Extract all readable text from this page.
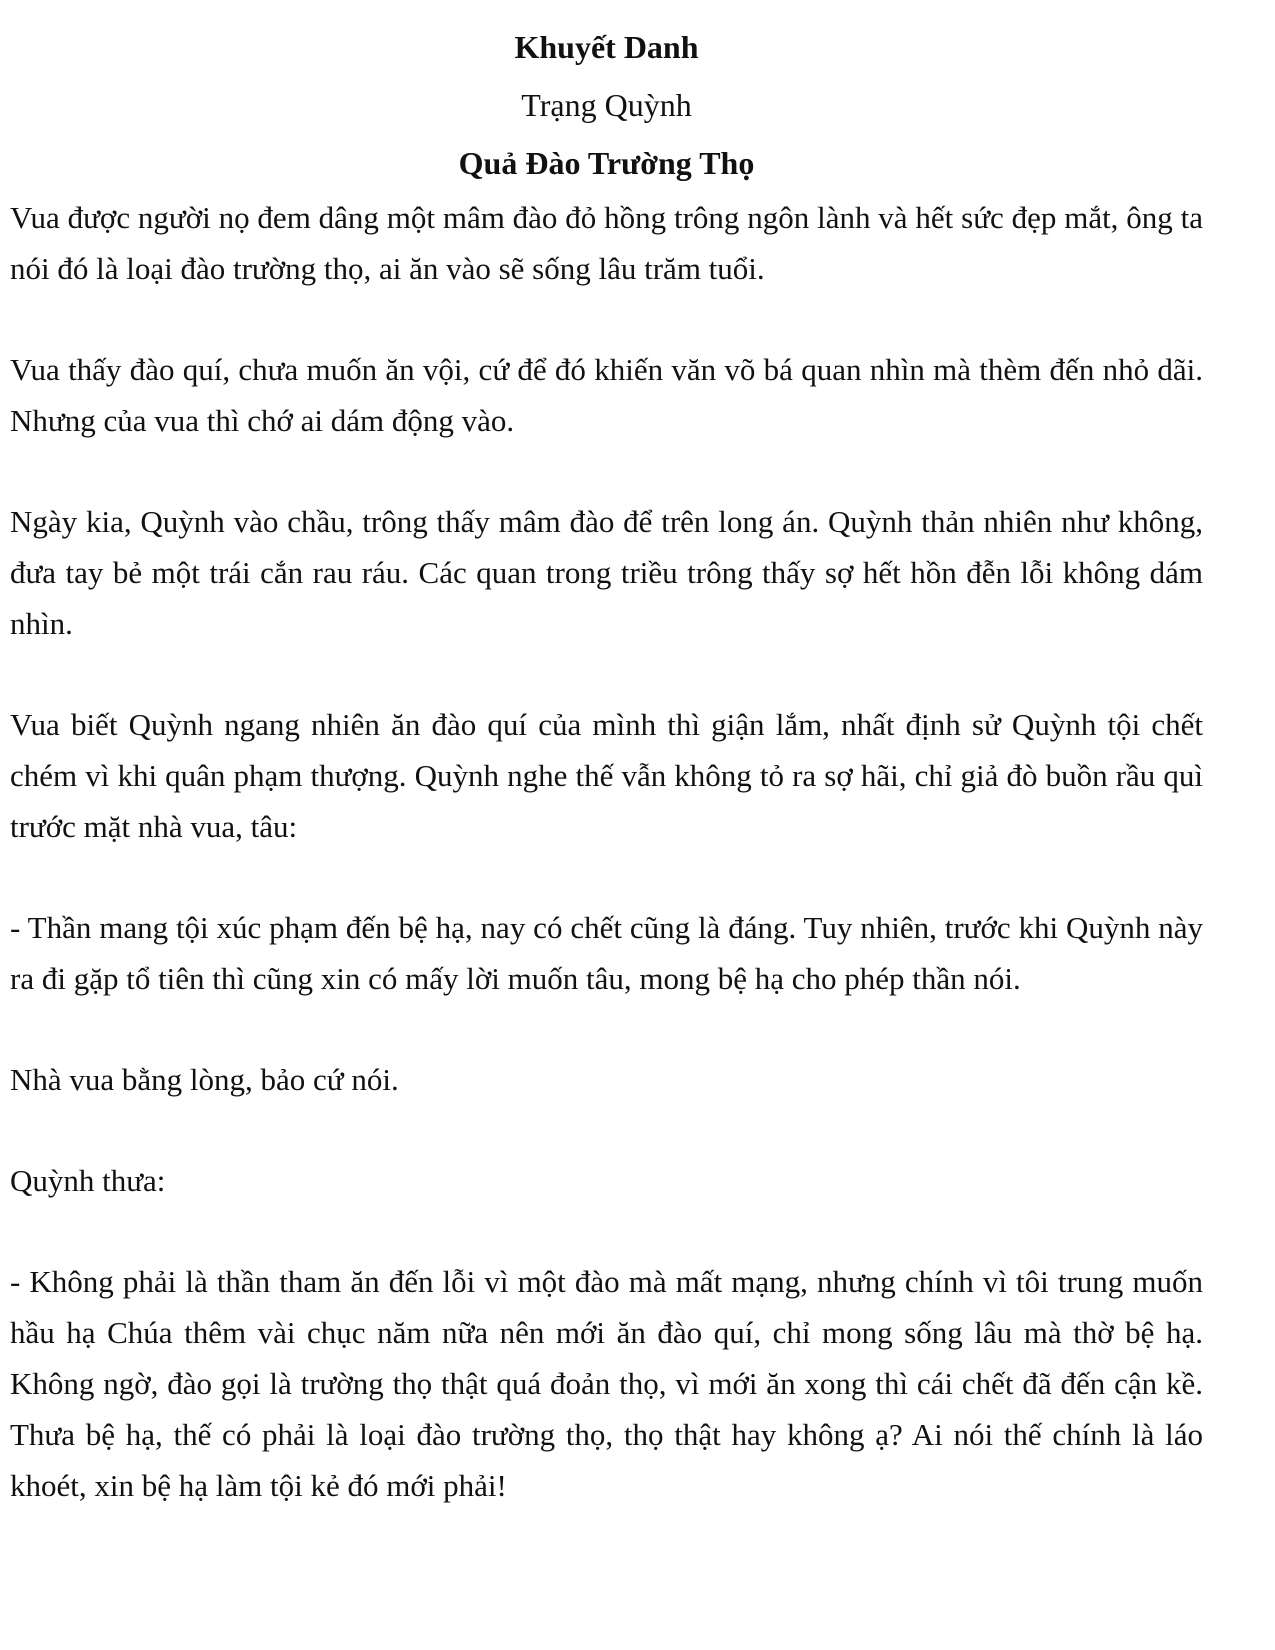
Khuyết Danh

Trạng Quỳnh

Quả Đào Trường Thọ

Vua được người nọ đem dâng một mâm đào đỏ hồng trông ngôn lành và hết sức đẹp mắt, ông ta nói đó là loại đào trường thọ, ai ăn vào sẽ sống lâu trăm tuổi.

Vua thấy đào quí, chưa muốn ăn vội, cứ để đó khiến văn võ bá quan nhìn mà thèm đến nhỏ dãi. Nhưng của vua thì chớ ai dám động vào.

Ngày kia, Quỳnh vào chầu, trông thấy mâm đào để trên long án. Quỳnh thản nhiên như không, đưa tay bẻ một trái cắn rau ráu. Các quan trong triều trông thấy sợ hết hồn đễn lỗi không dám nhìn.

Vua biết Quỳnh ngang nhiên ăn đào quí của mình thì giận lắm, nhất định sử Quỳnh tội chết chém vì khi quân phạm thượng. Quỳnh nghe thế vẫn không tỏ ra sợ hãi, chỉ giả đò buồn rầu quì trước mặt nhà vua, tâu:

- Thần mang tội xúc phạm đến bệ hạ, nay có chết cũng là đáng. Tuy nhiên, trước khi Quỳnh này ra đi gặp tổ tiên thì cũng xin có mấy lời muốn tâu, mong bệ hạ cho phép thần nói.

Nhà vua bằng lòng, bảo cứ nói.

Quỳnh thưa:

- Không phải là thần tham ăn đến lỗi vì một đào mà mất mạng, nhưng chính vì tôi trung muốn hầu hạ Chúa thêm vài chục năm nữa nên mới ăn đào quí, chỉ mong sống lâu mà thờ bệ hạ. Không ngờ, đào gọi là trường thọ thật quá đoản thọ, vì mới ăn xong thì cái chết đã đến cận kề. Thưa bệ hạ, thế có phải là loại đào trường thọ, thọ thật hay không ạ? Ai nói thế chính là láo khoét, xin bệ hạ làm tội kẻ đó mới phải!
